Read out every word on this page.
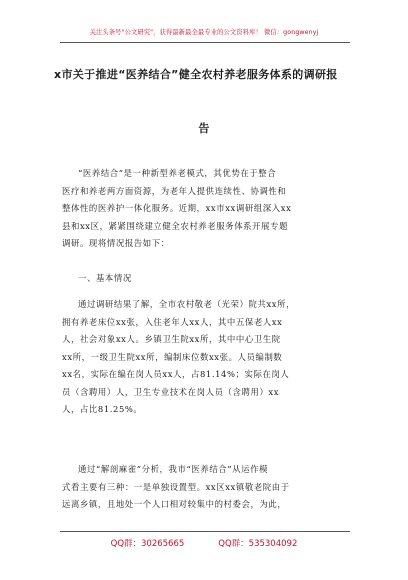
关注头条号"公文研究"，获得最新最全最专业的公文资料库！ 微信：gongwenyj
x市关于推进“医养结合”健全农村养老服务体系的调研报
告
“医养结合”是一种新型养老模式，其优势在于整合
医疗和养老两方面资源，为老年人提供连续性、协调性和
整体性的医养护一体化服务。近期，xx市xx调研组深入xx
县和xx区，紧紧围绕建立健全农村养老服务体系开展专题
调研。现将情况报告如下：
一、基本情况
通过调研结果了解，全市农村敬老（光荣）院共xx所，
拥有养老床位xx张，入住老年人xx人，其中五保老人xx
人，社会对象xx人。乡镇卫生院xx所，其中中心卫生院
xx所，一级卫生院xx所，编制床位数xx张。人员编制数
xx名，实际在编在岗人员xx人，占81.14%；实际在岗人
员（含聘用）人，卫生专业技术在岗人员（含聘用）xx
人，占比81.25%。
通过“解剖麻雀”分析，我市“医养结合”从运作模
式看主要有三种：一是单独设置型。xx区xx镇敬老院由于
远离乡镇，且地处一个人口相对较集中的村委会，为此，
QQ群：30265665	QQ群：535304092
